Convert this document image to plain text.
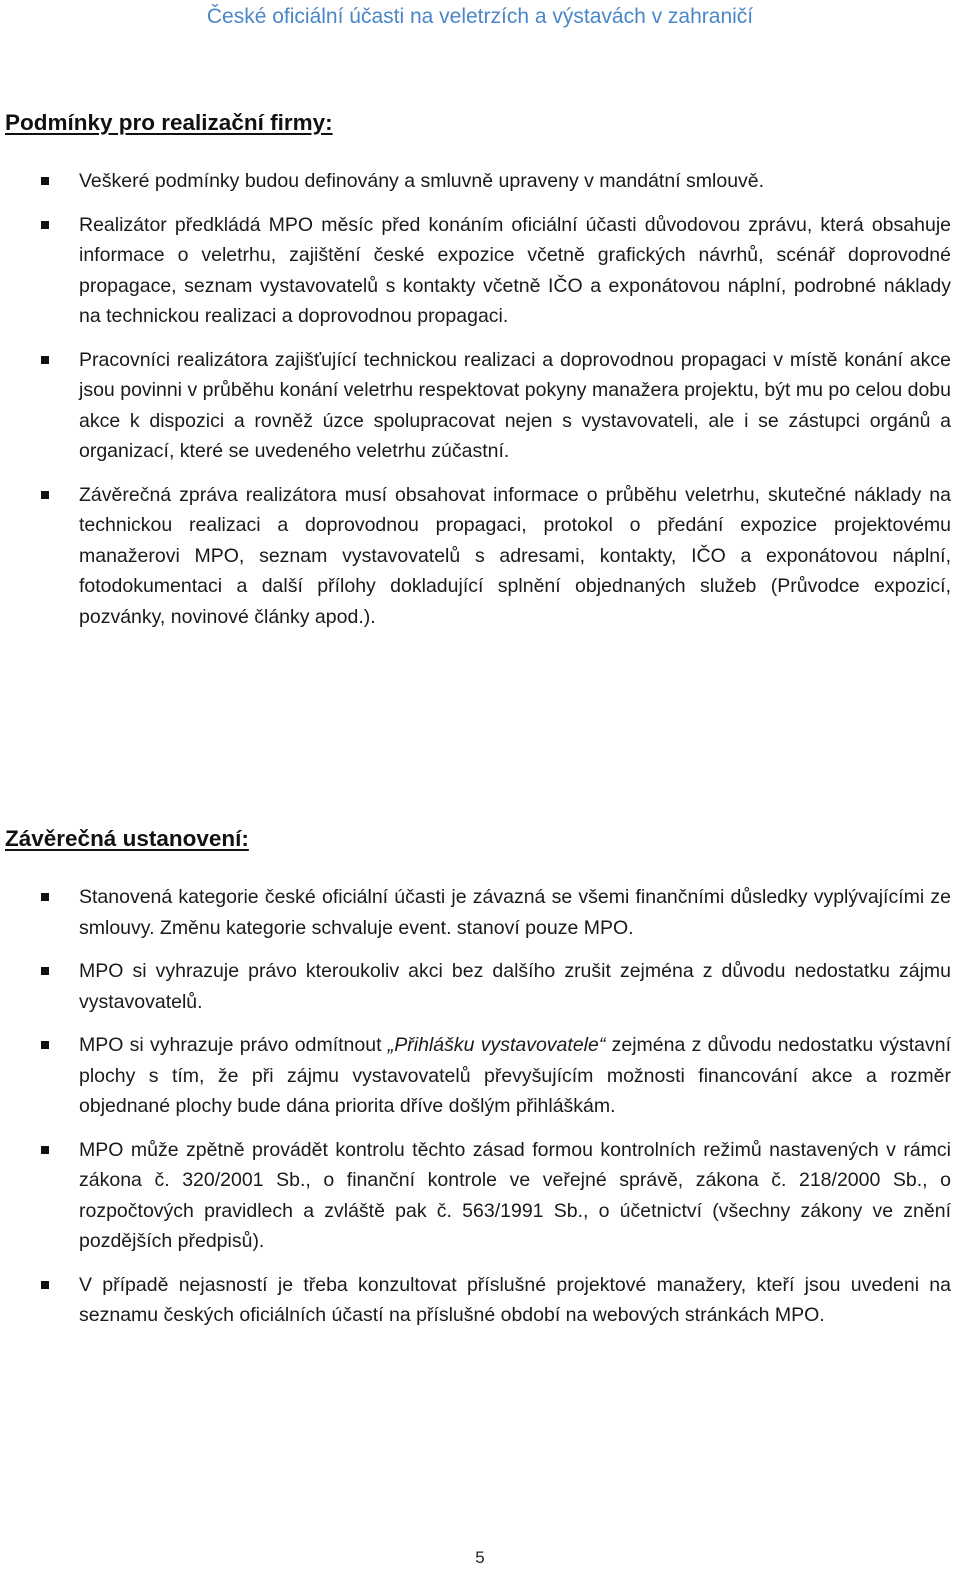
České oficiální účasti na veletrzích a výstavách v zahraničí
Podmínky pro realizační firmy:
Veškeré podmínky budou definovány a smluvně upraveny v mandátní smlouvě.
Realizátor předkládá MPO měsíc před konáním oficiální účasti důvodovou zprávu, která obsahuje informace o veletrhu, zajištění české expozice včetně grafických návrhů, scénář doprovodné propagace, seznam vystavovatelů s kontakty včetně IČO a exponátovou náplní, podrobné náklady na technickou realizaci a doprovodnou propagaci.
Pracovníci realizátora zajišťující technickou realizaci a doprovodnou propagaci v místě konání akce jsou povinni v průběhu konání veletrhu respektovat pokyny manažera projektu, být mu po celou dobu akce k dispozici a rovněž úzce spolupracovat nejen s vystavovateli, ale i se zástupci orgánů a organizací, které se uvedeného veletrhu zúčastní.
Závěrečná zpráva realizátora musí obsahovat informace o průběhu veletrhu, skutečné náklady na technickou realizaci a doprovodnou propagaci, protokol o předání expozice projektovému manažerovi MPO, seznam vystavovatelů s adresami, kontakty, IČO a exponátovou náplní, fotodokumentaci a další přílohy dokladující splnění objednaných služeb (Průvodce expozicí, pozvánky, novinové články apod.).
Závěrečná ustanovení:
Stanovená kategorie české oficiální účasti je závazná se všemi finančními důsledky vyplývajícími ze smlouvy. Změnu kategorie schvaluje event. stanoví pouze MPO.
MPO si vyhrazuje právo kteroukoliv akci bez dalšího zrušit zejména z důvodu nedostatku zájmu vystavovatelů.
MPO si vyhrazuje právo odmítnout „Přihlášku vystavovatele“ zejména z důvodu nedostatku výstavní plochy s tím, že při zájmu vystavovatelů převyšujícím možnosti financování akce a rozměr objednané plochy bude dána priorita dříve došlým přihláškám.
MPO může zpětně provádět kontrolu těchto zásad formou kontrolních režimů nastavených v rámci zákona č. 320/2001 Sb., o finanční kontrole ve veřejné správě, zákona č. 218/2000 Sb., o rozpočtových pravidlech a zvláště pak č. 563/1991 Sb., o účetnictví (všechny zákony ve znění pozdějších předpisů).
V případě nejasností je třeba konzultovat příslušné projektové manažery, kteří jsou uvedeni na seznamu českých oficiálních účastí na příslušné období na webových stránkách MPO.
5
